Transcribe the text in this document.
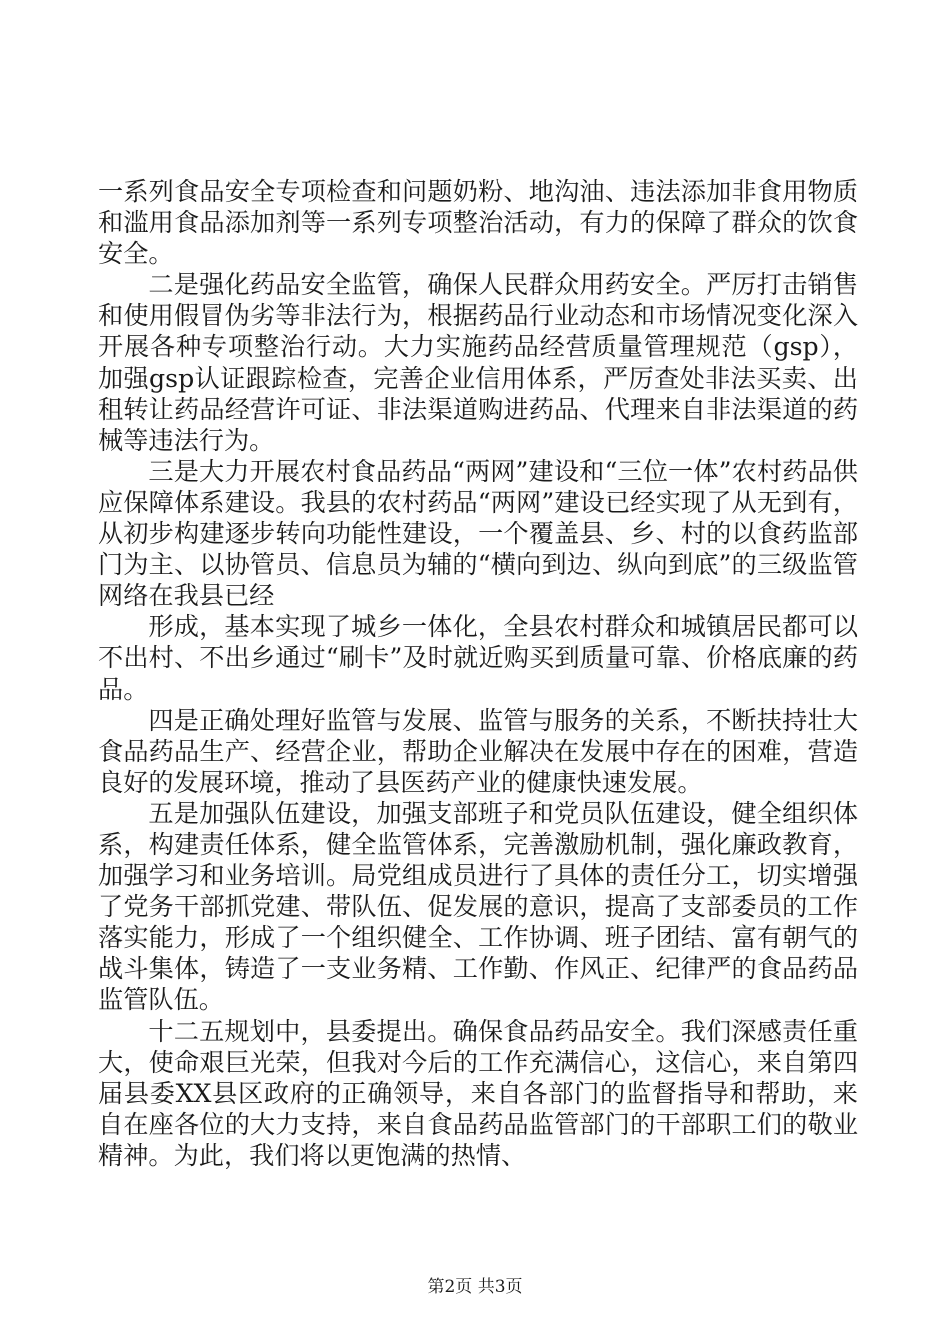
一系列食品安全专项检查和问题奶粉、地沟油、违法添加非食用物质和滥用食品添加剂等一系列专项整治活动，有力的保障了群众的饮食安全。

二是强化药品安全监管，确保人民群众用药安全。严厉打击销售和使用假冒伪劣等非法行为，根据药品行业动态和市场情况变化深入开展各种专项整治行动。大力实施药品经营质量管理规范（gsp），加强gsp认证跟踪检查，完善企业信用体系，严厉查处非法买卖、出租转让药品经营许可证、非法渠道购进药品、代理来自非法渠道的药械等违法行为。

三是大力开展农村食品药品“两网”建设和“三位一体”农村药品供应保障体系建设。我县的农村药品“两网”建设已经实现了从无到有，从初步构建逐步转向功能性建设，一个覆盖县、乡、村的以食药监部门为主、以协管员、信息员为辅的“横向到边、纵向到底”的三级监管网络在我县已经

形成，基本实现了城乡一体化，全县农村群众和城镇居民都可以不出村、不出乡通过“刷卡”及时就近购买到质量可靠、价格底廉的药品。

四是正确处理好监管与发展、监管与服务的关系，不断扶持壮大食品药品生产、经营企业，帮助企业解决在发展中存在的困难，营造良好的发展环境，推动了县医药产业的健康快速发展。

五是加强队伍建设，加强支部班子和党员队伍建设，健全组织体系，构建责任体系，健全监管体系，完善激励机制，强化廉政教育，加强学习和业务培训。局党组成员进行了具体的责任分工，切实增强了党务干部抓党建、带队伍、促发展的意识，提高了支部委员的工作落实能力，形成了一个组织健全、工作协调、班子团结、富有朝气的战斗集体，铸造了一支业务精、工作勤、作风正、纪律严的食品药品监管队伍。

十二五规划中，县委提出。确保食品药品安全。我们深感责任重大，使命艰巨光荣，但我对今后的工作充满信心，这信心，来自第四届县委XX县区政府的正确领导，来自各部门的监督指导和帮助，来自在座各位的大力支持，来自食品药品监管部门的干部职工们的敬业精神。为此，我们将以更饱满的热情、

第2页 共3页
